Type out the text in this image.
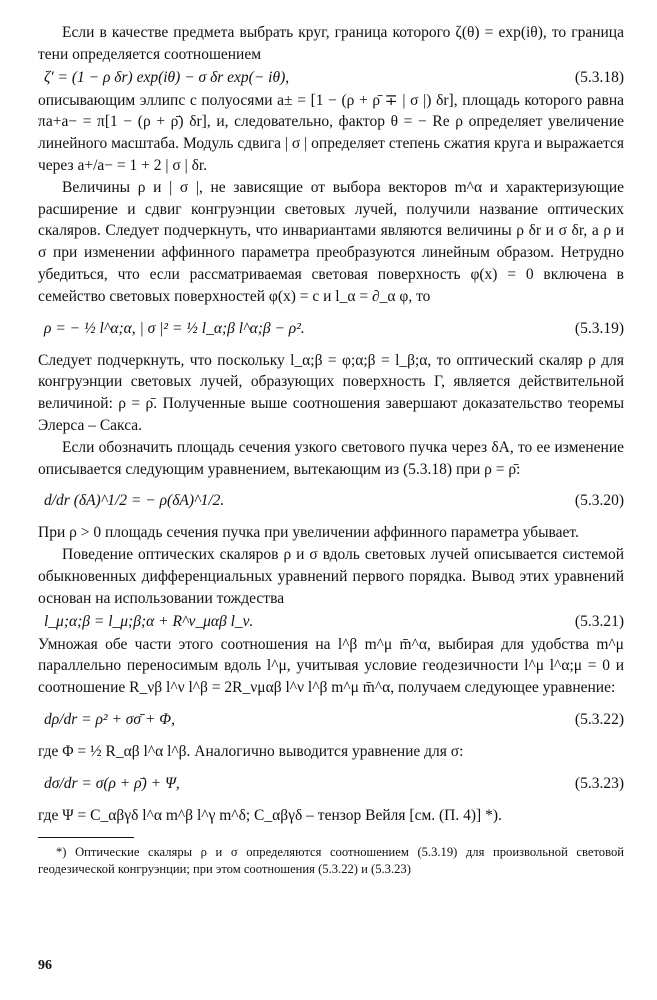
Если в качестве предмета выбрать круг, граница которого ζ(θ) = exp(iθ), то граница тени определяется соотношением

ζ′ = (1 − ρ δr) exp(iθ) − σ δr exp(− iθ),	(5.3.18)

описывающим эллипс с полуосями a± = [1 − (ρ + ρ̄ ∓ | σ |) δr], площадь которого равна πa+a− = π[1 − (ρ + ρ̄) δr], и, следовательно, фактор θ = − Re ρ определяет увеличение линейного масштаба. Модуль сдвига | σ | определяет степень сжатия круга и выражается через a+/a− = 1 + 2 | σ | δr.

Величины ρ и | σ |, не зависящие от выбора векторов m^α и характеризующие расширение и сдвиг конгруэнции световых лучей, получили название оптических скаляров. Следует подчеркнуть, что инвариантами являются величины ρ δr и σ δr, а ρ и σ при изменении аффинного параметра преобразуются линейным образом. Нетрудно убедиться, что если рассматриваемая световая поверхность φ(x) = 0 включена в семейство световых поверхностей φ(x) = c и l_α = ∂_α φ, то

ρ = − ½ l^α;α, | σ |² = ½ l_α;β l^α;β − ρ².	(5.3.19)

Следует подчеркнуть, что поскольку l_α;β = φ;α;β = l_β;α, то оптический скаляр ρ для конгруэнции световых лучей, образующих поверхность Γ, является действительной величиной: ρ = ρ̄. Полученные выше соотношения завершают доказательство теоремы Элерса – Сакса.

Если обозначить площадь сечения узкого светового пучка через δA, то ее изменение описывается следующим уравнением, вытекающим из (5.3.18) при ρ = ρ̄:

d/dr (δA)^1/2 = − ρ(δA)^1/2.	(5.3.20)

При ρ > 0 площадь сечения пучка при увеличении аффинного параметра убывает.

Поведение оптических скаляров ρ и σ вдоль световых лучей описывается системой обыкновенных дифференциальных уравнений первого порядка. Вывод этих уравнений основан на использовании тождества

l_μ;α;β = l_μ;β;α + R^ν_μαβ l_ν.	(5.3.21)

Умножая обе части этого соотношения на l^β m^μ m̄^α, выбирая для удобства m^μ параллельно переносимым вдоль l^μ, учитывая условие геодезичности l^μ l^α;μ = 0 и соотношение R_νβ l^ν l^β = 2R_νμαβ l^ν l^β m^μ m̄^α, получаем следующее уравнение:

dρ/dr = ρ² + σσ̄ + Φ,	(5.3.22)

где Φ = ½ R_αβ l^α l^β. Аналогично выводится уравнение для σ:

dσ/dr = σ(ρ + ρ̄) + Ψ,	(5.3.23)

где Ψ = C_αβγδ l^α m^β l^γ m^δ; C_αβγδ – тензор Вейля [см. (П. 4)] *).

*) Оптические скаляры ρ и σ определяются соотношением (5.3.19) для произвольной световой геодезической конгруэнции; при этом соотношения (5.3.22) и (5.3.23)

96
